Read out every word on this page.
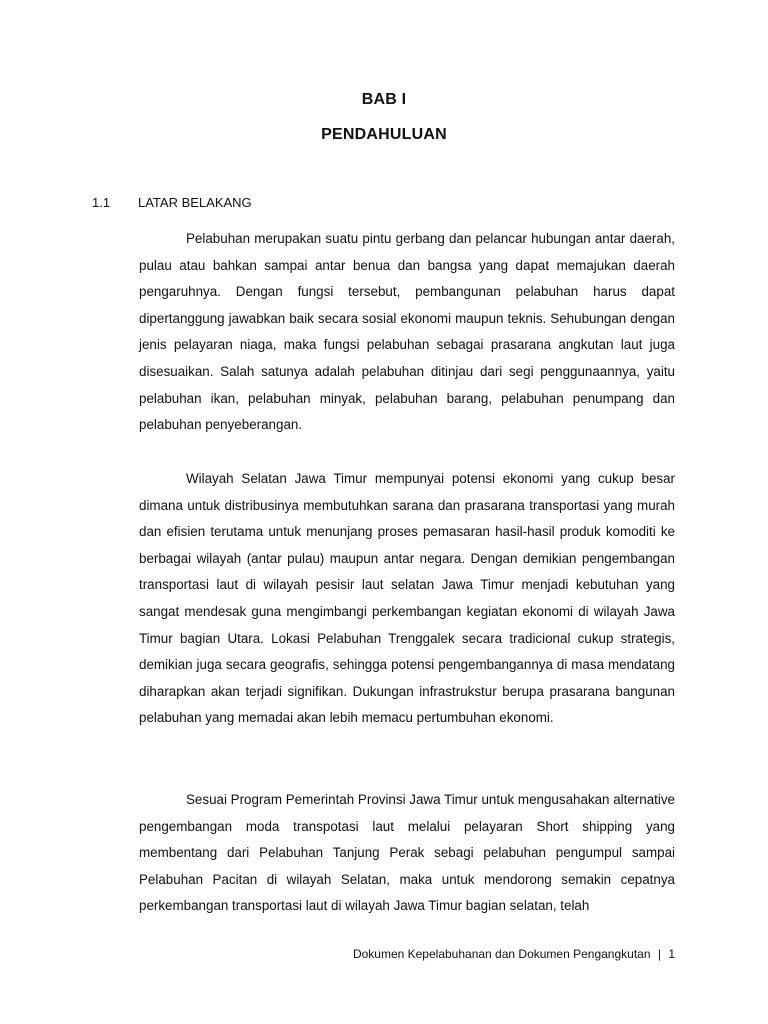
BAB I
PENDAHULUAN
1.1	LATAR BELAKANG

Pelabuhan merupakan suatu pintu gerbang dan pelancar hubungan antar daerah, pulau atau bahkan sampai antar benua dan bangsa yang dapat memajukan daerah pengaruhnya. Dengan fungsi tersebut, pembangunan pelabuhan harus dapat dipertanggung jawabkan baik secara sosial ekonomi maupun teknis. Sehubungan dengan jenis pelayaran niaga, maka fungsi pelabuhan sebagai prasarana angkutan laut juga disesuaikan. Salah satunya adalah pelabuhan ditinjau dari segi penggunaannya, yaitu pelabuhan ikan, pelabuhan minyak, pelabuhan barang, pelabuhan penumpang dan pelabuhan penyeberangan.

Wilayah Selatan Jawa Timur mempunyai potensi ekonomi yang cukup besar dimana untuk distribusinya membutuhkan sarana dan prasarana transportasi yang murah dan efisien terutama untuk menunjang proses pemasaran hasil-hasil produk komoditi ke berbagai wilayah (antar pulau) maupun antar negara. Dengan demikian pengembangan transportasi laut di wilayah pesisir laut selatan Jawa Timur menjadi kebutuhan yang sangat mendesak guna mengimbangi perkembangan kegiatan ekonomi di wilayah Jawa Timur bagian Utara. Lokasi Pelabuhan Trenggalek secara tradicional cukup strategis, demikian juga secara geografis, sehingga potensi pengembangannya di masa mendatang diharapkan akan terjadi signifikan. Dukungan infrastrukstur berupa prasarana bangunan pelabuhan yang memadai akan lebih memacu pertumbuhan ekonomi.

Sesuai Program Pemerintah Provinsi Jawa Timur untuk mengusahakan alternative pengembangan moda transpotasi laut melalui pelayaran Short shipping yang membentang dari Pelabuhan Tanjung Perak sebagi pelabuhan pengumpul sampai Pelabuhan Pacitan di wilayah Selatan, maka untuk mendorong semakin cepatnya perkembangan transportasi laut di wilayah Jawa Timur bagian selatan, telah

Dokumen Kepelabuhanan dan Dokumen Pengangkutan | 1
